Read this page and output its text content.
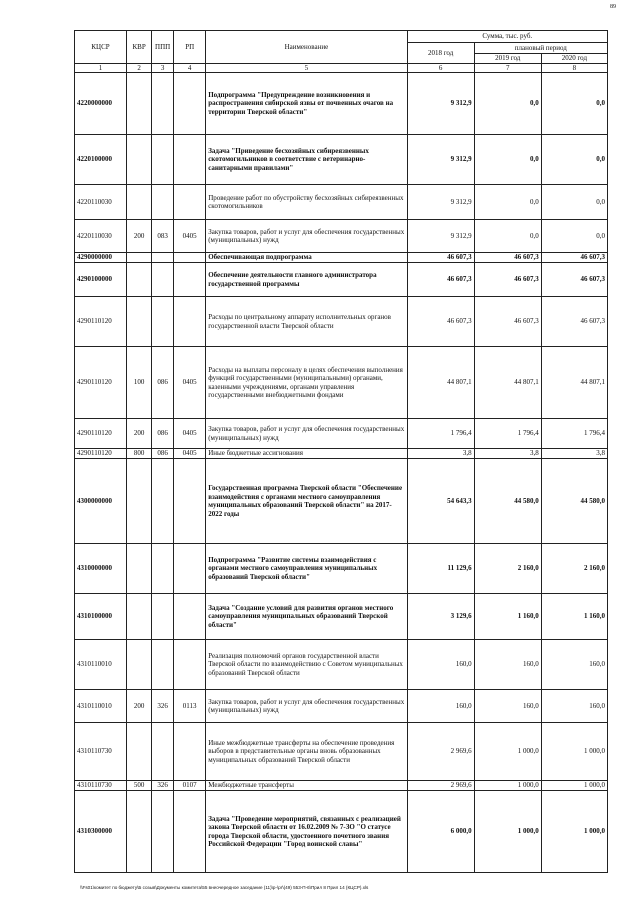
89
КЦСР	КВР	ППП	РП	Наименование	Сумма, тыс. руб.		
					2018 год	плановый период	
						2019 год	2020 год
1	2	3	4	5	6	7	8
4220000000				Подпрограмма "Предупреждение возникновения и распространения сибирской язвы от почвенных очагов на территории Тверской области"	9 312,9	0,0	0,0
4220100000				Задача "Приведение бесхозяйных сибиреязвенных скотомогильников в соответствие с ветеринарно-санитарными правилами"	9 312,9	0,0	0,0
4220110030				Проведение работ по обустройству бесхозяйных сибиреязвенных скотомогильников	9 312,9	0,0	0,0
4220110030	200	083	0405	Закупка товаров, работ и услуг для обеспечения государственных (муниципальных) нужд	9 312,9	0,0	0,0
4290000000				Обеспечивающая подпрограмма	46 607,3	46 607,3	46 607,3
4290100000				Обеспечение деятельности главного администратора государственной программы	46 607,3	46 607,3	46 607,3
4290110120				Расходы по центральному аппарату исполнительных органов государственной власти Тверской области	46 607,3	46 607,3	46 607,3
4290110120	100	086	0405	Расходы на выплаты персоналу в целях обеспечения выполнения функций государственными (муниципальными) органами, казенными учреждениями, органами управления государственными внебюджетными фондами	44 807,1	44 807,1	44 807,1
4290110120	200	086	0405	Закупка товаров, работ и услуг для обеспечения государственных (муниципальных) нужд	1 796,4	1 796,4	1 796,4
4290110120	800	086	0405	Иные бюджетные ассигнования	3,8	3,8	3,8
4300000000				Государственная программа Тверской области "Обеспечение взаимодействия с органами местного самоуправления муниципальных образований Тверской области" на 2017-2022 годы	54 643,3	44 580,0	44 580,0
4310000000				Подпрограмма "Развитие системы взаимодействия с органами местного самоуправления муниципальных образований Тверской области"	11 129,6	2 160,0	2 160,0
4310100000				Задача "Создание условий для развития органов местного самоуправления муниципальных образований Тверской области"	3 129,6	1 160,0	1 160,0
4310110010				Реализация полномочий органов государственной власти Тверской области по взаимодействию с Советом муниципальных образований Тверской области	160,0	160,0	160,0
4310110010	200	326	0113	Закупка товаров, работ и услуг для обеспечения государственных (муниципальных) нужд	160,0	160,0	160,0
4310110730				Иные межбюджетные трансферты на обеспечение проведения выборов в представительные органы вновь образованных муниципальных образований Тверской области	2 969,6	1 000,0	1 000,0
4310110730	500	326	0107	Межбюджетные трансферты	2 969,6	1 000,0	1 000,0
4310300000				Задача "Проведение мероприятий, связанных с реализацией закона Тверской области от 16.02.2009 № 7-ЗО "О статусе города Тверской области, удостоенного почетного звания Российской Федерации "Город воинской славы"	6 000,0	1 000,0	1 000,0
\\Fs01\комитет по бюджету\Б созыв\Документы комитета\55 внеочередное заседание (11)\p-\pr\(49) 553-П-6\Прил 8 Прил 14 (КЦСР).xls
